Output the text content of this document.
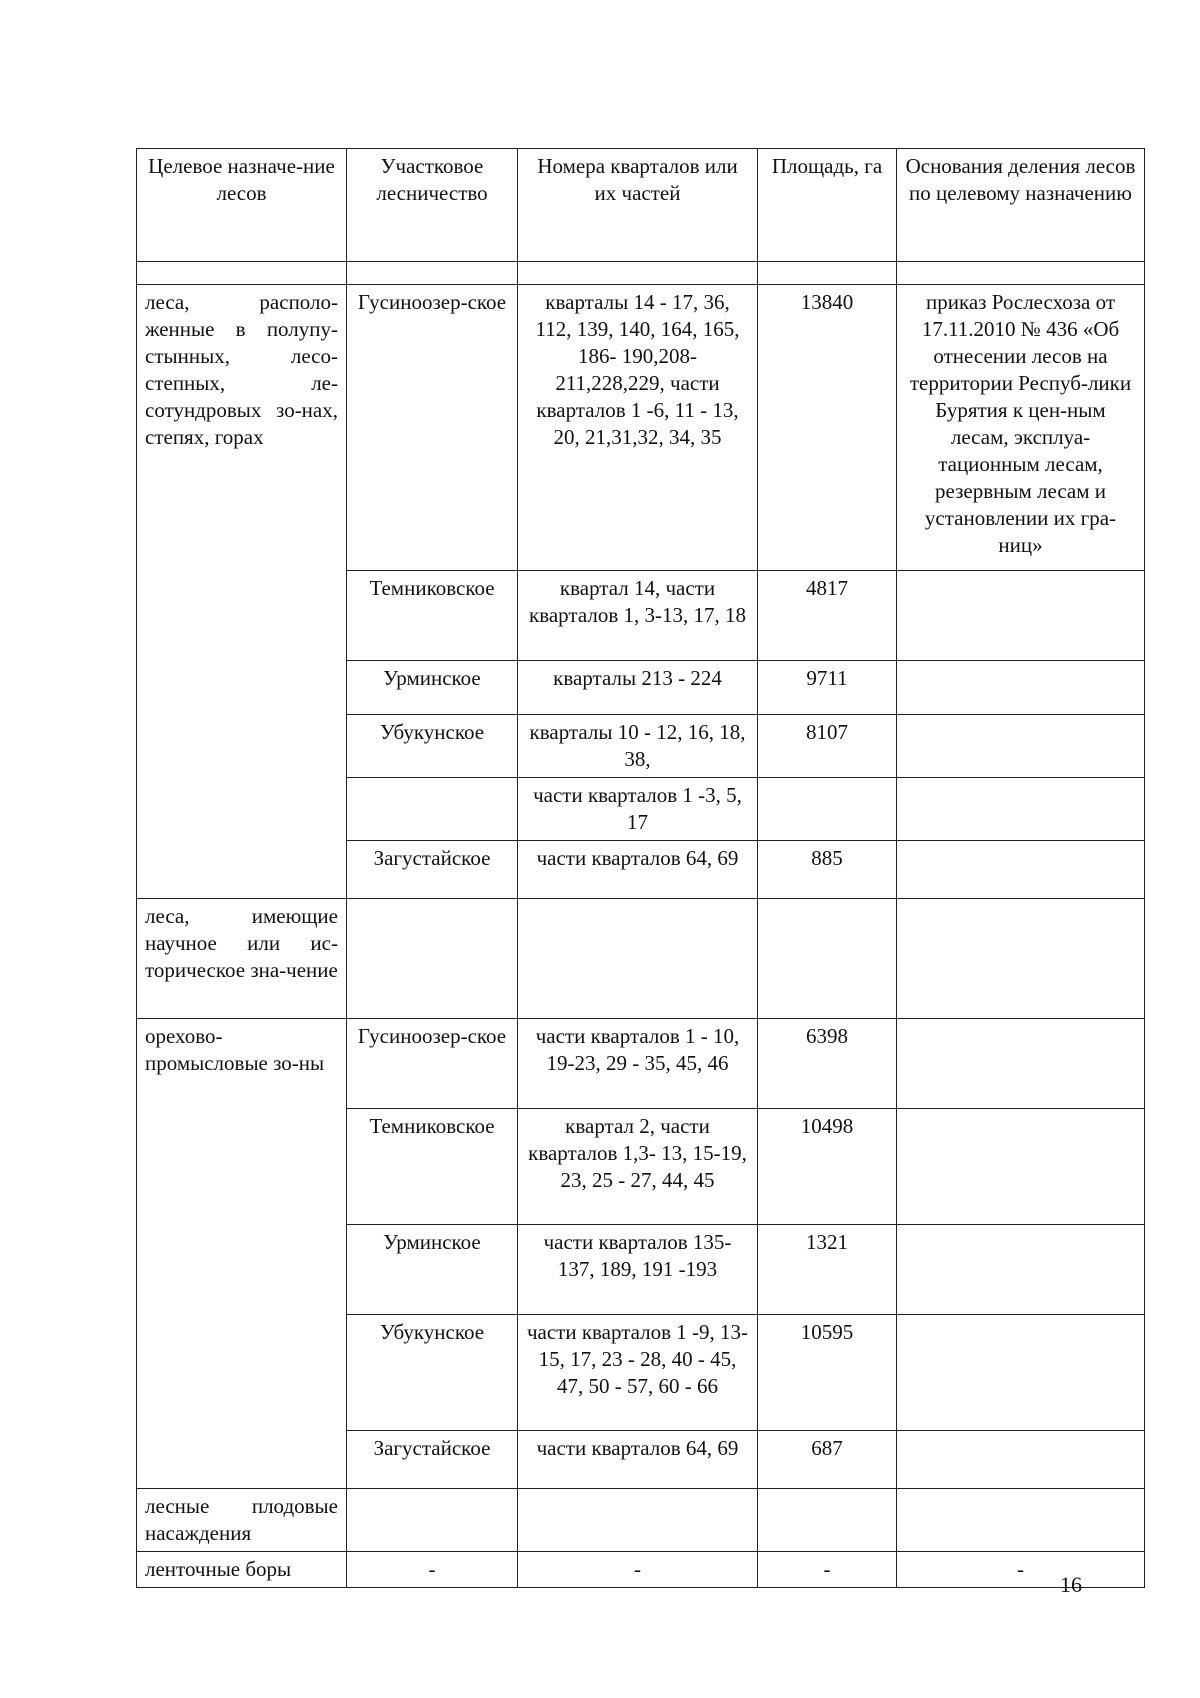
Целевое назначе-ние лесов	Участковое лесничество	Номера кварталов или их частей	Площадь, га	Основания деления лесов по целевому назначению

леса, располо-женные в полупу-стынных, лесо-степных, ле-сотундровых зо-нах, степях, горах	Гусиноозер-ское	кварталы 14 - 17, 36, 112, 139, 140, 164, 165, 186- 190,208-211,228,229, части кварталов 1 -6, 11 - 13, 20, 21,31,32, 34, 35	13840	приказ Рослесхоза от 17.11.2010 № 436 «Об отнесении лесов на территории Респуб-лики Бурятия к цен-ным лесам, эксплуа-тационным лесам, резервным лесам и установлении их гра-ниц»
	Темниковское	квартал 14, части кварталов 1, 3-13, 17, 18	4817	
	Урминское	кварталы 213 - 224	9711	
	Убукунское	кварталы 10 - 12, 16, 18, 38,	8107	
		части кварталов 1 -3, 5, 17		
	Загустайское	части кварталов 64, 69	885	
леса, имеющие научное или ис-торическое зна-чение				
орехово-промысловые зо-ны	Гусиноозер-ское	части кварталов 1 - 10, 19-23, 29 - 35, 45, 46	6398	
	Темниковское	квартал 2, части кварталов 1,3- 13, 15-19, 23, 25 - 27, 44, 45	10498	
	Урминское	части кварталов 135-137, 189, 191 -193	1321	
	Убукунское	части кварталов 1 -9, 13-15, 17, 23 - 28, 40 - 45, 47, 50 - 57, 60 - 66	10595	
	Загустайское	части кварталов 64, 69	687	
лесные плодовые насаждения				
ленточные боры	-	-	-	-
16
